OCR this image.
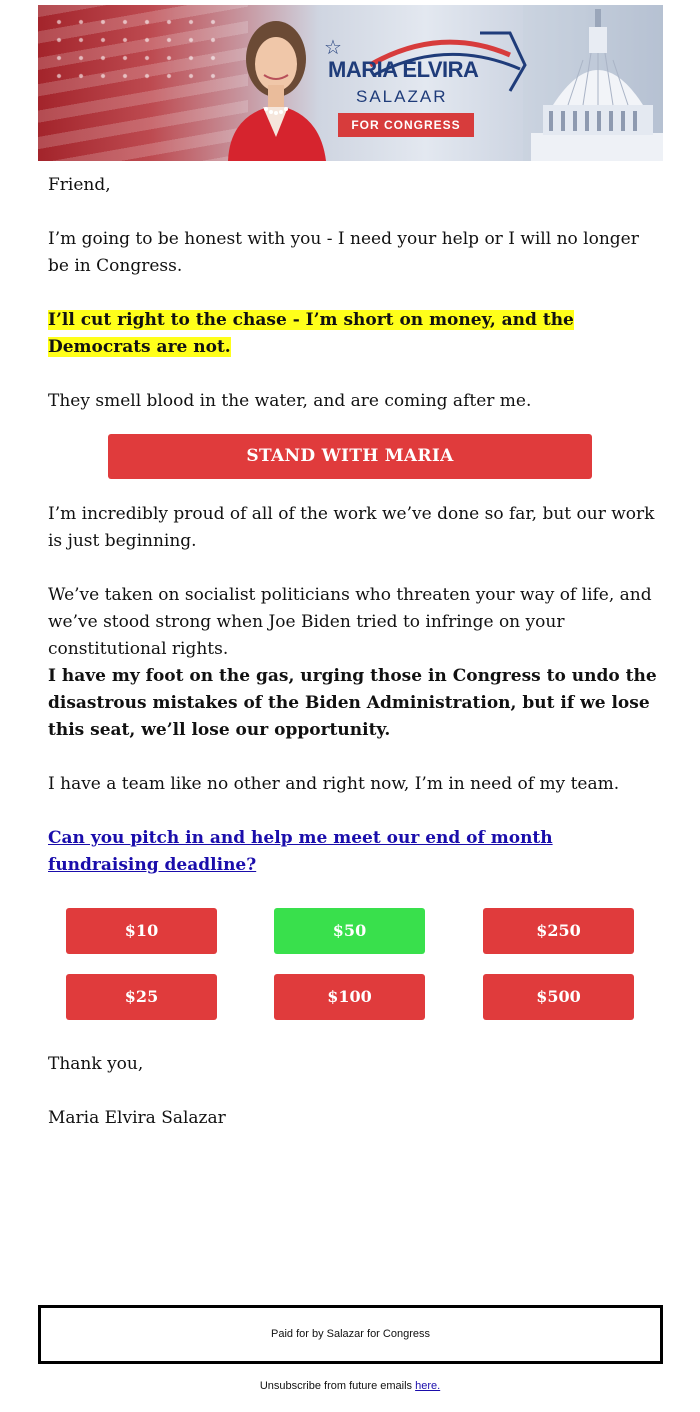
☆
MARIA ELVIRA
SALAZAR
FOR CONGRESS

Friend,

I’m going to be honest with you - I need your help or I will no longer be in Congress.

I’ll cut right to the chase - I’m short on money, and the Democrats are not.

They smell blood in the water, and are coming after me.

STAND WITH MARIA

I’m incredibly proud of all of the work we’ve done so far, but our work is just beginning.

We’ve taken on socialist politicians who threaten your way of life, and we’ve stood strong when Joe Biden tried to infringe on your constitutional rights.

I have my foot on the gas, urging those in Congress to undo the disastrous mistakes of the Biden Administration, but if we lose this seat, we’ll lose our opportunity.

I have a team like no other and right now, I’m in need of my team.

Can you pitch in and help me meet our end of month fundraising deadline?

$10	$50	$250
$25	$100	$500

Thank you,

Maria Elvira Salazar

Paid for by Salazar for Congress
Unsubscribe from future emails here.
